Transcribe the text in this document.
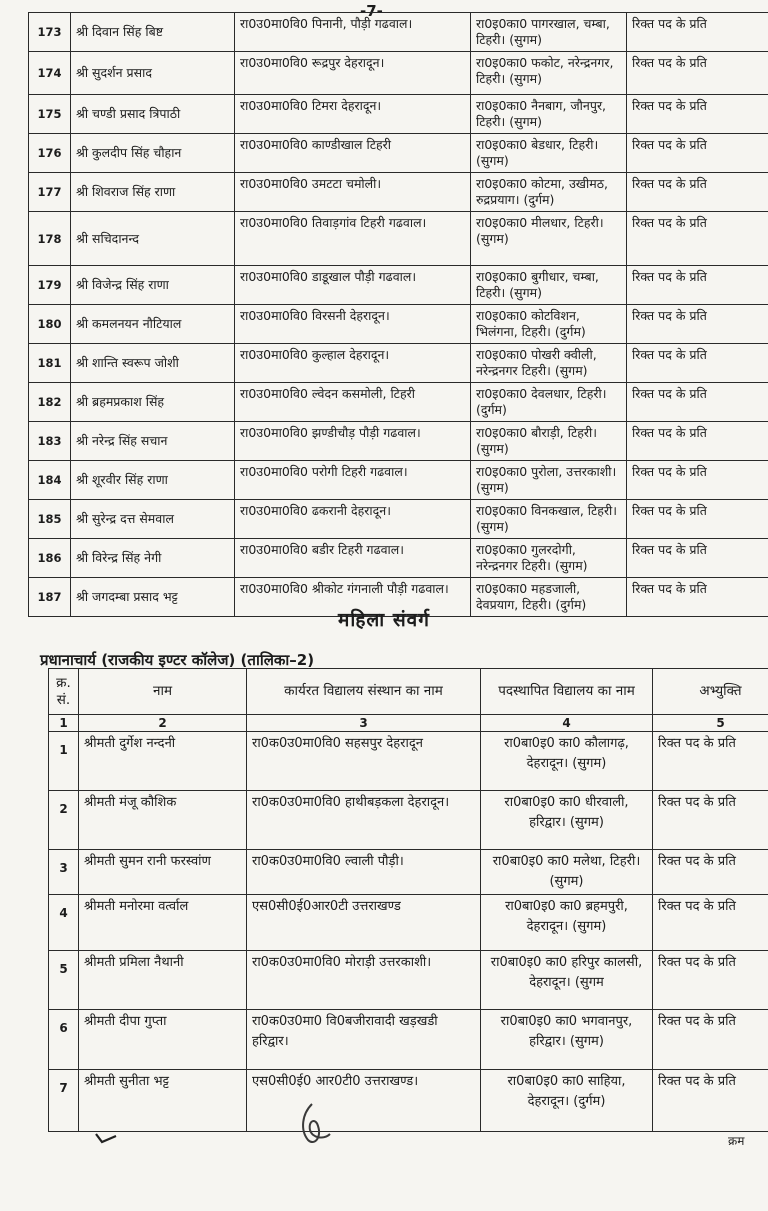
-7-
173	श्री दिवान सिंह बिष्ट	रा0उ0मा0वि0 पिनानी, पौड़ी गढवाल।	रा0इ0का0 पागरखाल, चम्बा, टिहरी। (सुगम)	रिक्त पद के प्रति
174	श्री सुदर्शन प्रसाद	रा0उ0मा0वि0 रूद्रपुर देहरादून।	रा0इ0का0 फकोट, नरेन्द्रनगर, टिहरी। (सुगम)	रिक्त पद के प्रति
175	श्री चण्डी प्रसाद त्रिपाठी	रा0उ0मा0वि0 टिमरा देहरादून।	रा0इ0का0 नैनबाग, जौनपुर, टिहरी। (सुगम)	रिक्त पद के प्रति
176	श्री कुलदीप सिंह चौहान	रा0उ0मा0वि0 काण्डीखाल टिहरी	रा0इ0का0 बेडधार, टिहरी। (सुगम)	रिक्त पद के प्रति
177	श्री शिवराज सिंह राणा	रा0उ0मा0वि0 उमटटा चमोली।	रा0इ0का0 कोटमा, उखीमठ, रुद्रप्रयाग। (दुर्गम)	रिक्त पद के प्रति
178	श्री सचिदानन्द	रा0उ0मा0वि0 तिवाड़गांव टिहरी गढवाल।	रा0इ0का0 मीलधार, टिहरी। (सुगम)	रिक्त पद के प्रति
179	श्री विजेन्द्र सिंह राणा	रा0उ0मा0वि0 डाडूखाल पौड़ी गढवाल।	रा0इ0का0 बुगीधार, चम्बा, टिहरी। (सुगम)	रिक्त पद के प्रति
180	श्री कमलनयन नौटियाल	रा0उ0मा0वि0 विरसनी देहरादून।	रा0इ0का0 कोटविशन, भिलंगना, टिहरी। (दुर्गम)	रिक्त पद के प्रति
181	श्री शान्ति स्वरूप जोशी	रा0उ0मा0वि0 कुल्हाल देहरादून।	रा0इ0का0 पोखरी क्वीली, नरेन्द्रनगर टिहरी। (सुगम)	रिक्त पद के प्रति
182	श्री ब्रहमप्रकाश सिंह	रा0उ0मा0वि0 ल्वेदन कसमोली, टिहरी	रा0इ0का0 देवलधार, टिहरी। (दुर्गम)	रिक्त पद के प्रति
183	श्री नरेन्द्र सिंह सचान	रा0उ0मा0वि0 झण्डीचौड़ पौड़ी गढवाल।	रा0इ0का0 बौराड़ी, टिहरी। (सुगम)	रिक्त पद के प्रति
184	श्री शूरवीर सिंह राणा	रा0उ0मा0वि0 परोगी टिहरी गढवाल।	रा0इ0का0 पुरोला, उत्तरकाशी। (सुगम)	रिक्त पद के प्रति
185	श्री सुरेन्द्र दत्त सेमवाल	रा0उ0मा0वि0 ढकरानी देहरादून।	रा0इ0का0 विनकखाल, टिहरी। (सुगम)	रिक्त पद के प्रति
186	श्री विरेन्द्र सिंह नेगी	रा0उ0मा0वि0 बडीर टिहरी गढवाल।	रा0इ0का0 गुलरदोगी, नरेन्द्रनगर टिहरी। (सुगम)	रिक्त पद के प्रति
187	श्री जगदम्बा प्रसाद भट्ट	रा0उ0मा0वि0 श्रीकोट गंगनाली पौड़ी गढवाल।	रा0इ0का0 महडजाली, देवप्रयाग, टिहरी। (दुर्गम)	रिक्त पद के प्रति
महिला संवर्ग
प्रधानाचार्य (राजकीय इण्टर कॉलेज) (तालिका–2)
क्र. सं.	नाम	कार्यरत विद्यालय संस्थान का नाम	पदस्थापित विद्यालय का नाम	अभ्युक्ति
1	2	3	4	5
1	श्रीमती दुर्गेश नन्दनी	रा0क0उ0मा0वि0 सहसपुर देहरादून	रा0बा0इ0 का0 कौलागढ़, देहरादून। (सुगम)	रिक्त पद के प्रति
2	श्रीमती मंजू कौशिक	रा0क0उ0मा0वि0 हाथीबड़कला देहरादून।	रा0बा0इ0 का0 धीरवाली, हरिद्वार। (सुगम)	रिक्त पद के प्रति
3	श्रीमती सुमन रानी फरस्वांण	रा0क0उ0मा0वि0 ल्वाली पौड़ी।	रा0बा0इ0 का0 मलेथा, टिहरी। (सुगम)	रिक्त पद के प्रति
4	श्रीमती मनोरमा वर्त्वाल	एस0सी0ई0आर0टी उत्तराखण्ड	रा0बा0इ0 का0 ब्रहमपुरी, देहरादून। (सुगम)	रिक्त पद के प्रति
5	श्रीमती प्रमिला नैथानी	रा0क0उ0मा0वि0 मोराड़ी उत्तरकाशी।	रा0बा0इ0 का0 हरिपुर कालसी, देहरादून। (सुगम	रिक्त पद के प्रति
6	श्रीमती दीपा गुप्ता	रा0क0उ0मा0 वि0बजीरावादी खड़खडी हरिद्वार।	रा0बा0इ0 का0 भगवानपुर, हरिद्वार। (सुगम)	रिक्त पद के प्रति
7	श्रीमती सुनीता भट्ट	एस0सी0ई0 आर0टी0 उत्तराखण्ड।	रा0बा0इ0 का0 साहिया, देहरादून। (दुर्गम)	रिक्त पद के प्रति
क्रम
